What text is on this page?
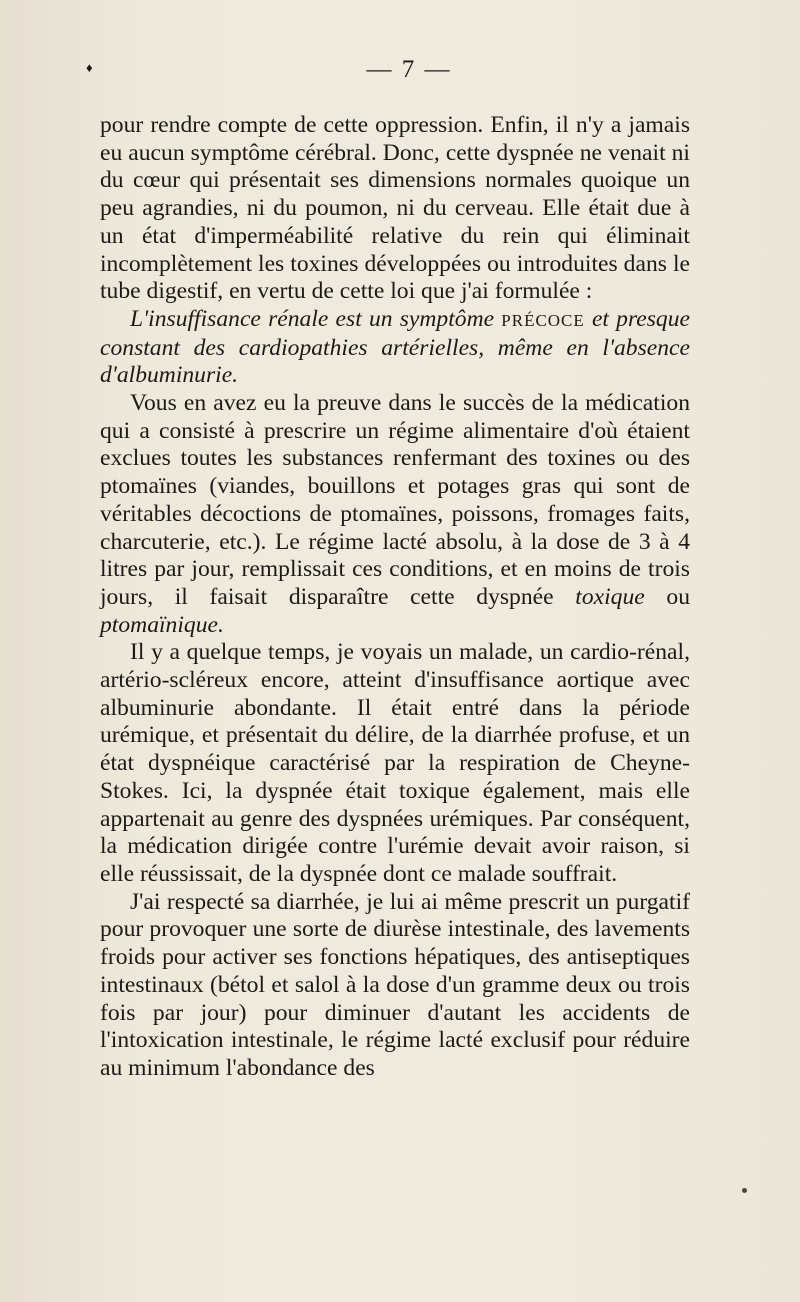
♦	— 7 —

pour rendre compte de cette oppression. Enfin, il n'y a jamais eu aucun symptôme cérébral. Donc, cette dyspnée ne venait ni du cœur qui présentait ses dimensions normales quoique un peu agrandies, ni du poumon, ni du cerveau. Elle était due à un état d'imperméabilité relative du rein qui éliminait incomplètement les toxines développées ou introduites dans le tube digestif, en vertu de cette loi que j'ai formulée :

L'insuffisance rénale est un symptôme PRÉCOCE et presque constant des cardiopathies artérielles, même en l'absence d'albuminurie.

Vous en avez eu la preuve dans le succès de la médication qui a consisté à prescrire un régime alimentaire d'où étaient exclues toutes les substances renfermant des toxines ou des ptomaïnes (viandes, bouillons et potages gras qui sont de véritables décoctions de ptomaïnes, poissons, fromages faits, charcuterie, etc.). Le régime lacté absolu, à la dose de 3 à 4 litres par jour, remplissait ces conditions, et en moins de trois jours, il faisait disparaître cette dyspnée toxique ou ptomaïnique.

Il y a quelque temps, je voyais un malade, un cardio-rénal, artério-scléreux encore, atteint d'insuffisance aortique avec albuminurie abondante. Il était entré dans la période urémique, et présentait du délire, de la diarrhée profuse, et un état dyspnéique caractérisé par la respiration de Cheyne-Stokes. Ici, la dyspnée était toxique également, mais elle appartenait au genre des dyspnées urémiques. Par conséquent, la médication dirigée contre l'urémie devait avoir raison, si elle réussissait, de la dyspnée dont ce malade souffrait.

J'ai respecté sa diarrhée, je lui ai même prescrit un purgatif pour provoquer une sorte de diurèse intestinale, des lavements froids pour activer ses fonctions hépatiques, des antiseptiques intestinaux (bétol et salol à la dose d'un gramme deux ou trois fois par jour) pour diminuer d'autant les accidents de l'intoxication intestinale, le régime lacté exclusif pour réduire au minimum l'abondance des
